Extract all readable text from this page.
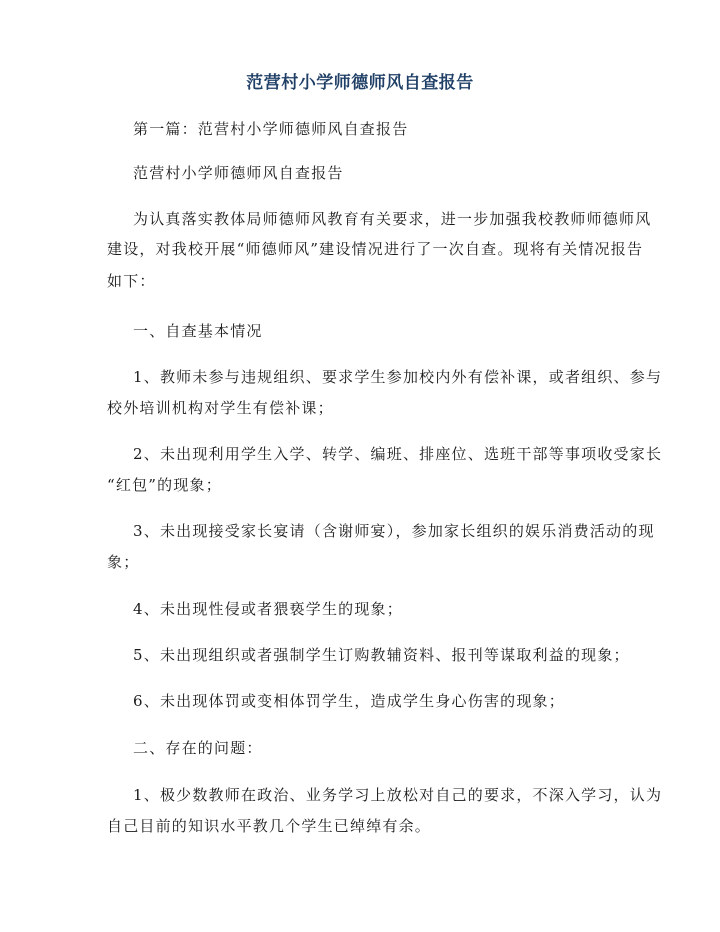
范营村小学师德师风自查报告
第一篇：范营村小学师德师风自查报告
范营村小学师德师风自查报告
为认真落实教体局师德师风教育有关要求，进一步加强我校教师师德师风
建设，对我校开展“师德师风”建设情况进行了一次自查。现将有关情况报告
如下：
一、自查基本情况
1、教师未参与违规组织、要求学生参加校内外有偿补课，或者组织、参与
校外培训机构对学生有偿补课；
2、未出现利用学生入学、转学、编班、排座位、选班干部等事项收受家长
“红包”的现象；
3、未出现接受家长宴请（含谢师宴），参加家长组织的娱乐消费活动的现
象；
4、未出现性侵或者猥亵学生的现象；
5、未出现组织或者强制学生订购教辅资料、报刊等谋取利益的现象；
6、未出现体罚或变相体罚学生，造成学生身心伤害的现象；
二、存在的问题：
1、极少数教师在政治、业务学习上放松对自己的要求，不深入学习，认为
自己目前的知识水平教几个学生已绰绰有余。
